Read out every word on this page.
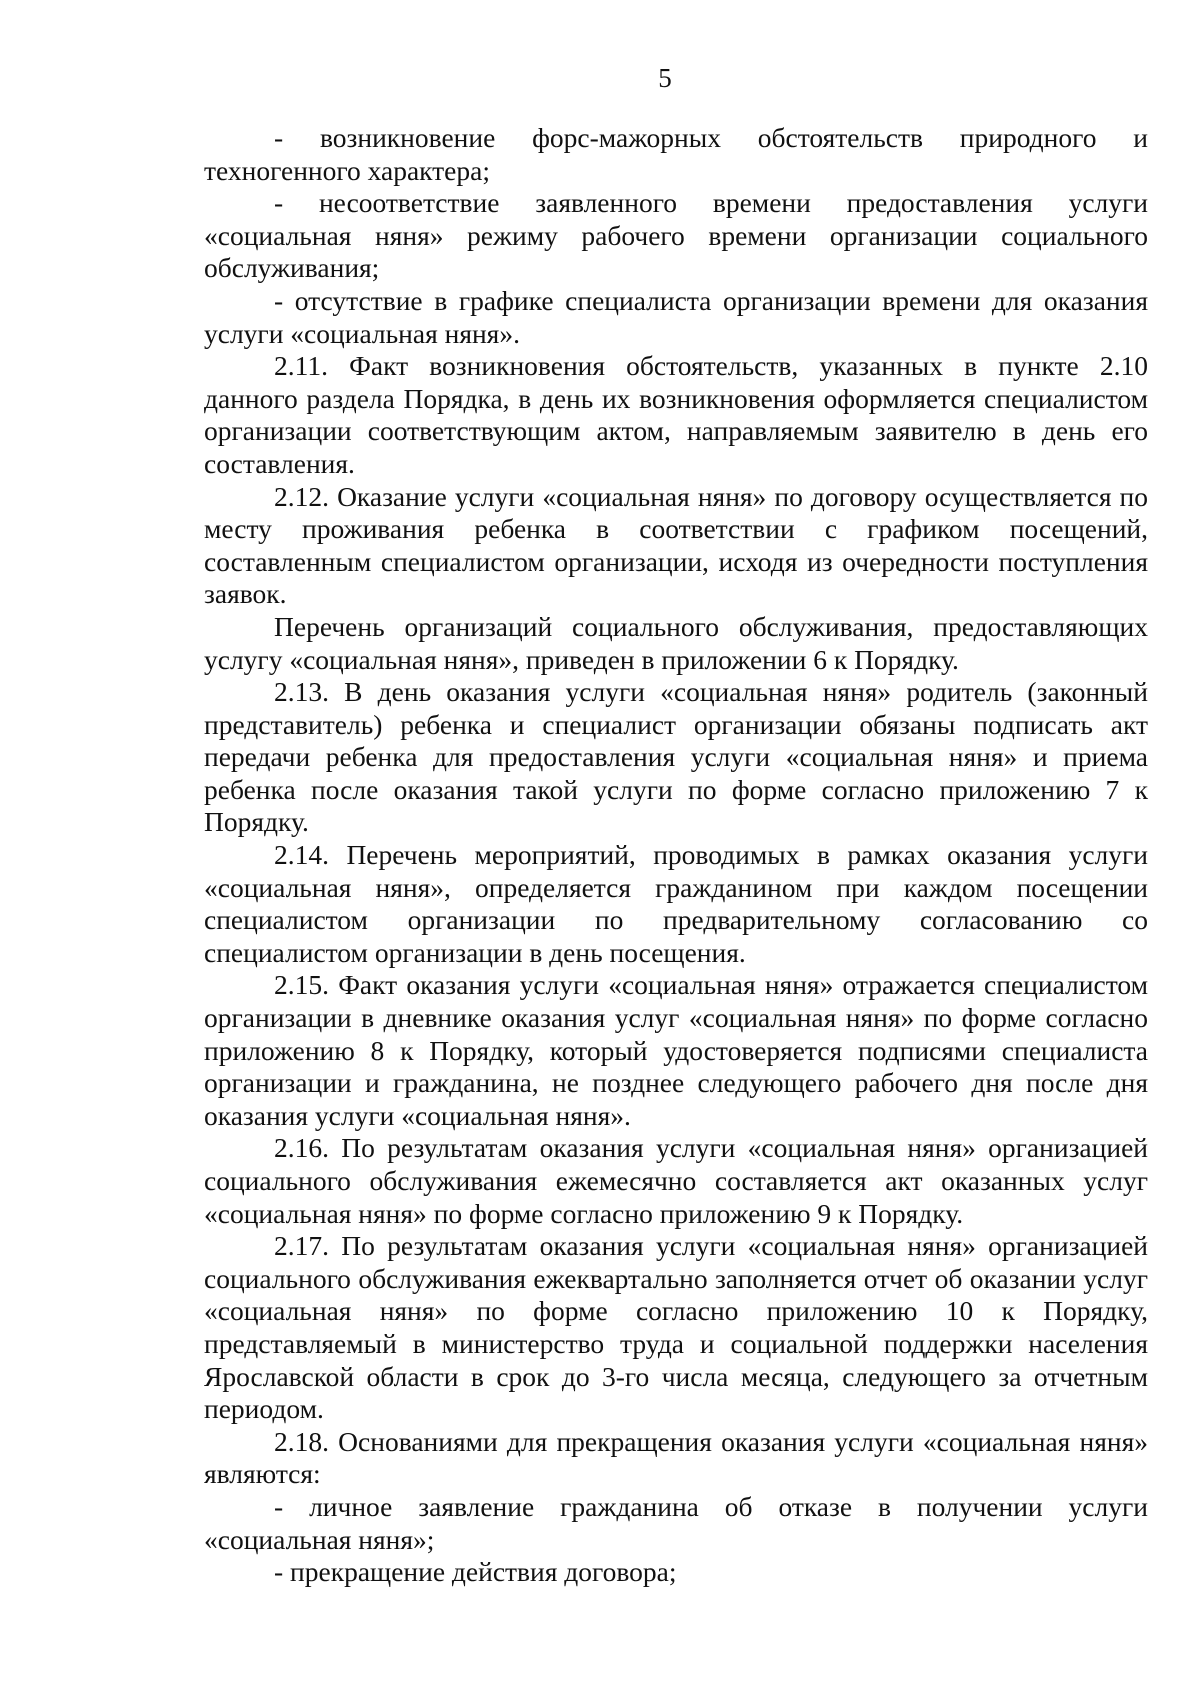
5

- возникновение форс-мажорных обстоятельств природного и техногенного характера;

- несоответствие заявленного времени предоставления услуги «социальная няня» режиму рабочего времени организации социального обслуживания;

- отсутствие в графике специалиста организации времени для оказания услуги «социальная няня».

2.11. Факт возникновения обстоятельств, указанных в пункте 2.10 данного раздела Порядка, в день их возникновения оформляется специалистом организации соответствующим актом, направляемым заявителю в день его составления.

2.12. Оказание услуги «социальная няня» по договору осуществляется по месту проживания ребенка в соответствии с графиком посещений, составленным специалистом организации, исходя из очередности поступления заявок.

Перечень организаций социального обслуживания, предоставляющих услугу «социальная няня», приведен в приложении 6 к Порядку.

2.13. В день оказания услуги «социальная няня» родитель (законный представитель) ребенка и специалист организации обязаны подписать акт передачи ребенка для предоставления услуги «социальная няня» и приема ребенка после оказания такой услуги по форме согласно приложению 7 к Порядку.

2.14. Перечень мероприятий, проводимых в рамках оказания услуги «социальная няня», определяется гражданином при каждом посещении специалистом организации по предварительному согласованию со специалистом организации в день посещения.

2.15. Факт оказания услуги «социальная няня» отражается специалистом организации в дневнике оказания услуг «социальная няня» по форме согласно приложению 8 к Порядку, который удостоверяется подписями специалиста организации и гражданина, не позднее следующего рабочего дня после дня оказания услуги «социальная няня».

2.16. По результатам оказания услуги «социальная няня» организацией социального обслуживания ежемесячно составляется акт оказанных услуг «социальная няня» по форме согласно приложению 9 к Порядку.

2.17. По результатам оказания услуги «социальная няня» организацией социального обслуживания ежеквартально заполняется отчет об оказании услуг «социальная няня» по форме согласно приложению 10 к Порядку, представляемый в министерство труда и социальной поддержки населения Ярославской области в срок до 3-го числа месяца, следующего за отчетным периодом.

2.18. Основаниями для прекращения оказания услуги «социальная няня» являются:

- личное заявление гражданина об отказе в получении услуги «социальная няня»;

- прекращение действия договора;
